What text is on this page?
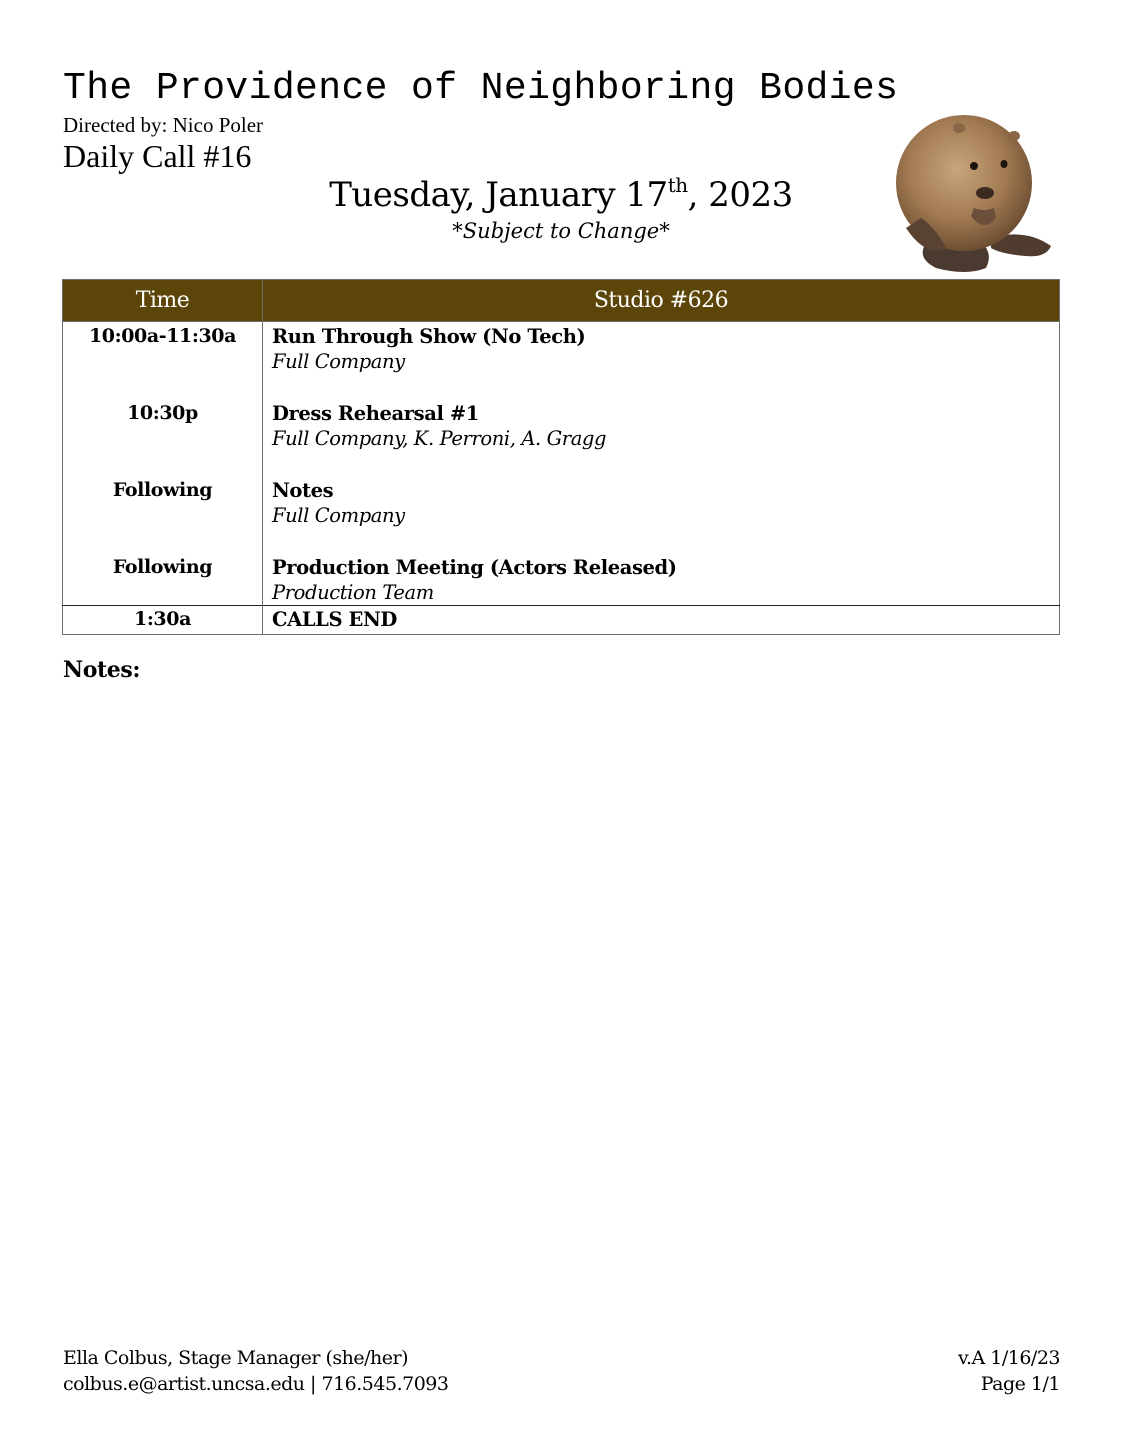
The Providence of Neighboring Bodies
Directed by: Nico Poler
Daily Call #16
Tuesday, January 17th, 2023
*Subject to Change*
Time	Studio #626

10:00a-11:30a	Run Through Show (No Tech)
Full Company

10:30p	Dress Rehearsal #1
Full Company, K. Perroni, A. Gragg

Following	Notes
Full Company

Following	Production Meeting (Actors Released)
Production Team

1:30a	CALLS END
Notes:
Ella Colbus, Stage Manager (she/her)
colbus.e@artist.uncsa.edu | 716.545.7093
v.A 1/16/23
Page 1/1
